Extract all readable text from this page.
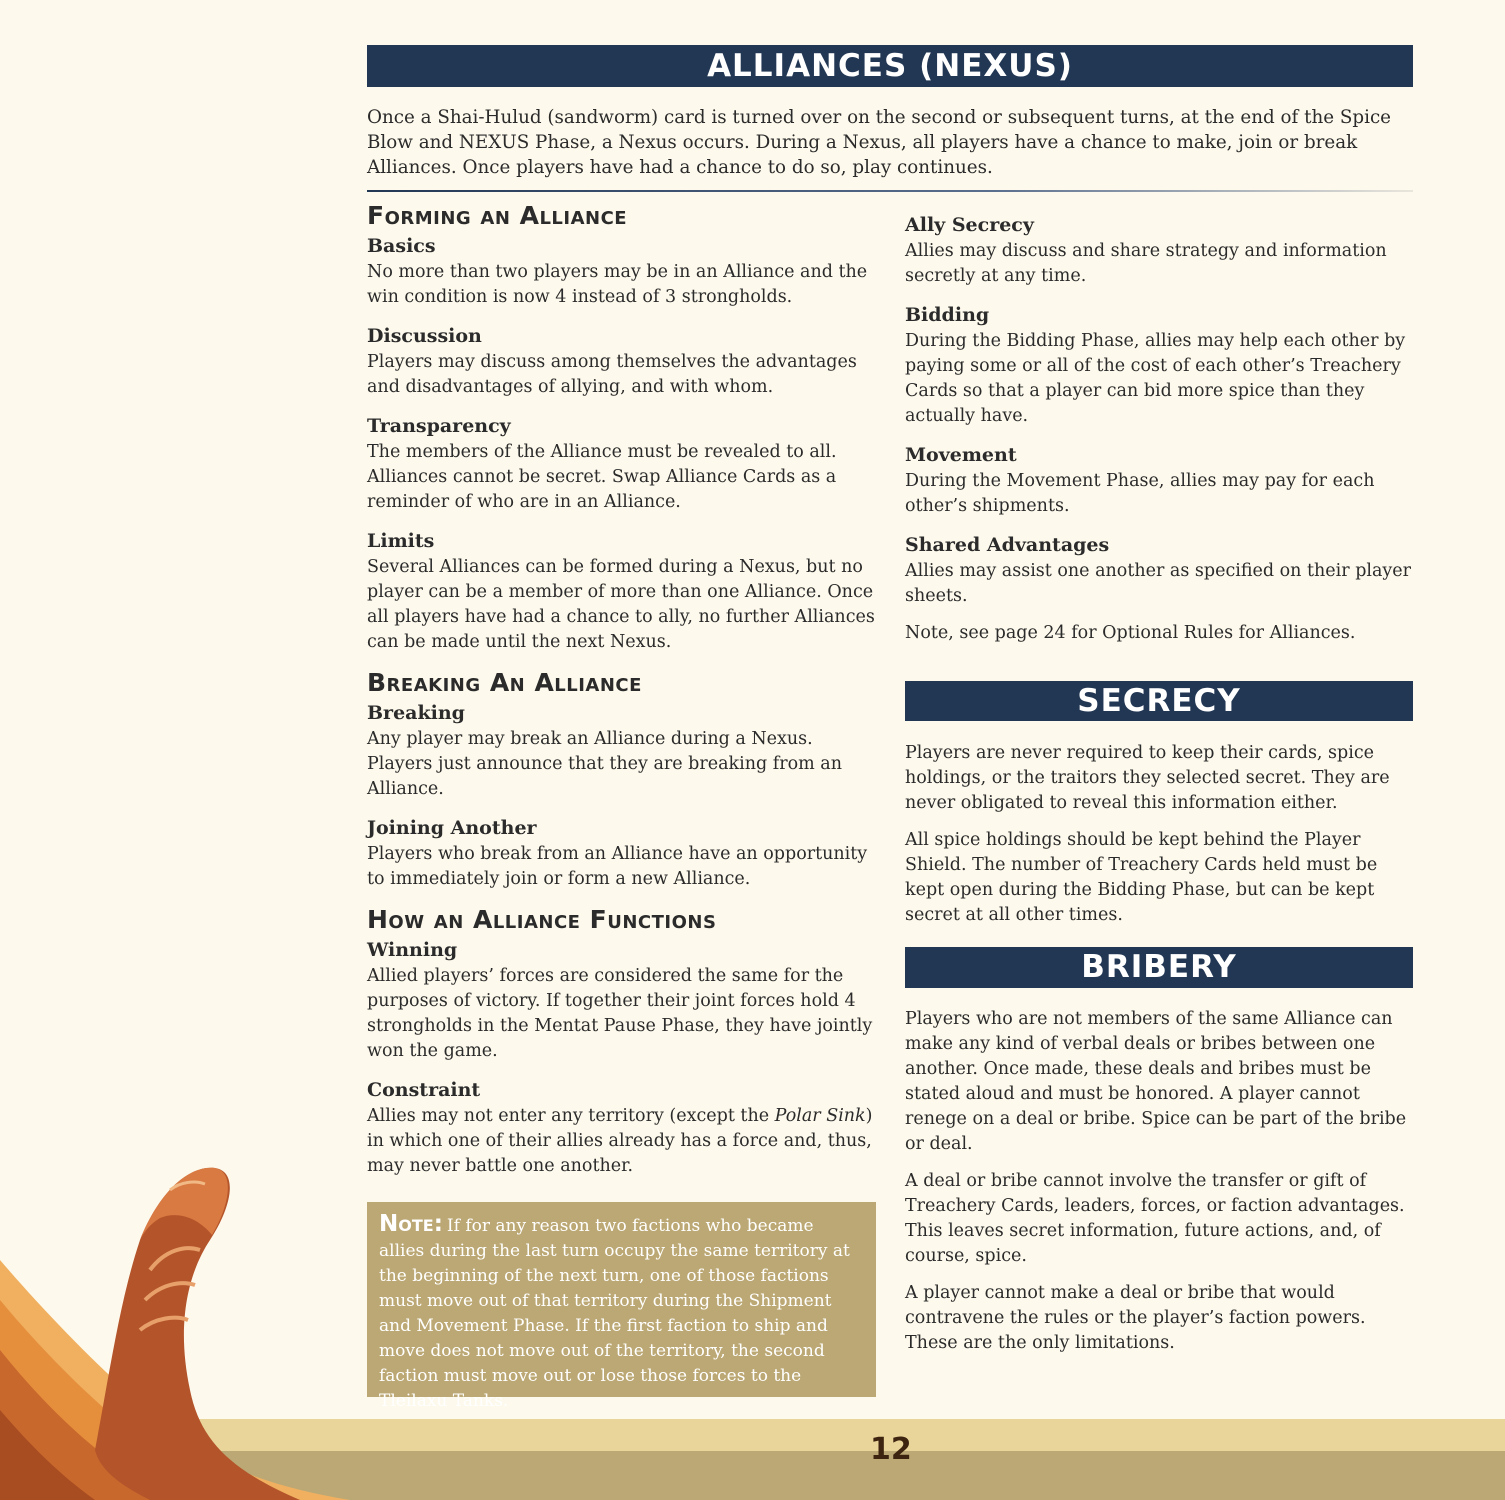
ALLIANCES (NEXUS)

Once a Shai-Hulud (sandworm) card is turned over on the second or subsequent turns, at the end of the Spice Blow and NEXUS Phase, a Nexus occurs. During a Nexus, all players have a chance to make, join or break Alliances. Once players have had a chance to do so, play continues.

Forming an Alliance
Basics

No more than two players may be in an Alliance and the win condition is now 4 instead of 3 strongholds.

Discussion

Players may discuss among themselves the advantages and disadvantages of allying, and with whom.

Transparency

The members of the Alliance must be revealed to all. Alliances cannot be secret. Swap Alliance Cards as a reminder of who are in an Alliance.

Limits

Several Alliances can be formed during a Nexus, but no player can be a member of more than one Alliance. Once all players have had a chance to ally, no further Alliances can be made until the next Nexus.

Breaking An Alliance
Breaking

Any player may break an Alliance during a Nexus. Players just announce that they are breaking from an Alliance.

Joining Another

Players who break from an Alliance have an opportunity to immediately join or form a new Alliance.

How an Alliance Functions
Winning

Allied players’ forces are considered the same for the purposes of victory. If together their joint forces hold 4 strongholds in the Mentat Pause Phase, they have jointly won the game.

Constraint

Allies may not enter any territory (except the Polar Sink) in which one of their allies already has a force and, thus, may never battle one another.

Note: If for any reason two factions who became allies during the last turn occupy the same territory at the beginning of the next turn, one of those factions must move out of that territory during the Shipment and Movement Phase. If the first faction to ship and move does not move out of the territory, the second faction must move out or lose those forces to the Tleilaxu Tanks.
Ally Secrecy

Allies may discuss and share strategy and information secretly at any time.

Bidding

During the Bidding Phase, allies may help each other by paying some or all of the cost of each other’s Treachery Cards so that a player can bid more spice than they actually have.

Movement

During the Movement Phase, allies may pay for each other’s shipments.

Shared Advantages

Allies may assist one another as specified on their player sheets.

Note, see page 24 for Optional Rules for Alliances.

SECRECY

Players are never required to keep their cards, spice holdings, or the traitors they selected secret. They are never obligated to reveal this information either.

All spice holdings should be kept behind the Player Shield. The number of Treachery Cards held must be kept open during the Bidding Phase, but can be kept secret at all other times.

BRIBERY

Players who are not members of the same Alliance can make any kind of verbal deals or bribes between one another. Once made, these deals and bribes must be stated aloud and must be honored. A player cannot renege on a deal or bribe. Spice can be part of the bribe or deal.

A deal or bribe cannot involve the transfer or gift of Treachery Cards, leaders, forces, or faction advantages. This leaves secret information, future actions, and, of course, spice.

A player cannot make a deal or bribe that would contravene the rules or the player’s faction powers. These are the only limitations.

12
